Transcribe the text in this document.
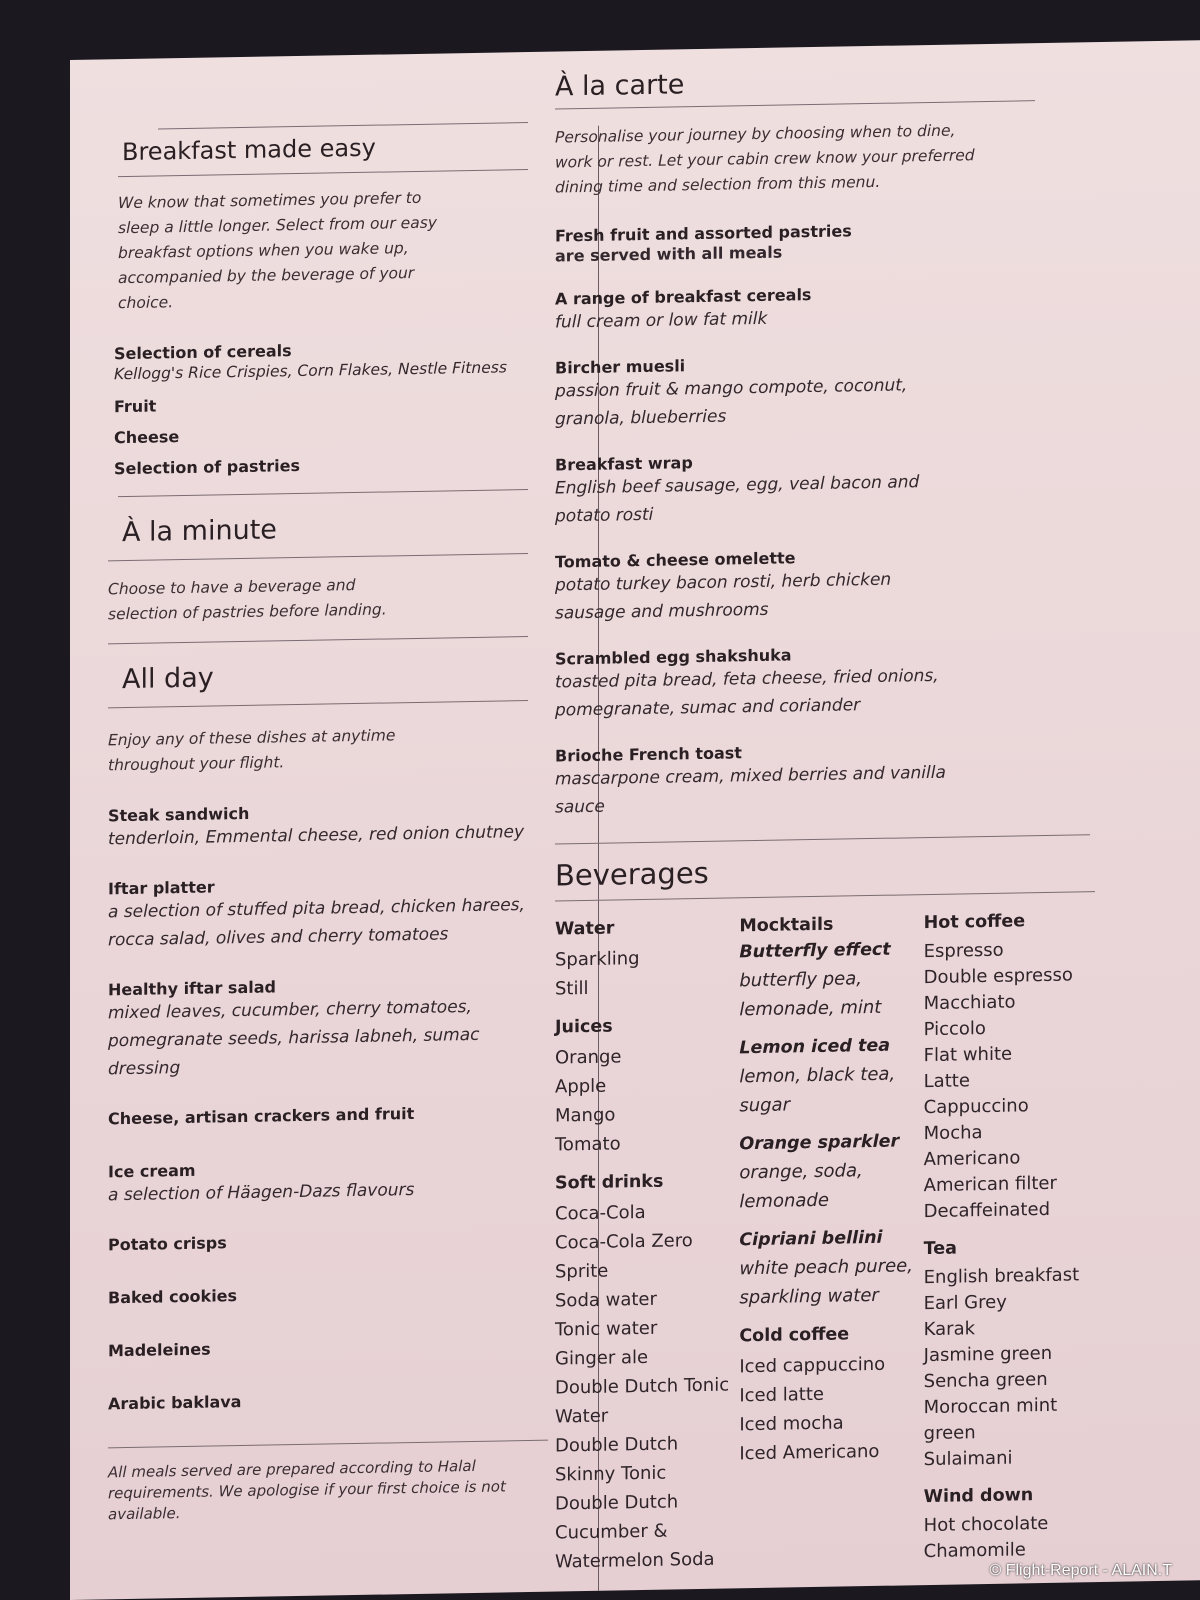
Breakfast made easy
We know that sometimes you prefer to sleep a little longer. Select from our easy breakfast options when you wake up, accompanied by the beverage of your choice.
Selection of cereals
Kellogg's Rice Crispies, Corn Flakes, Nestle Fitness
Fruit
Cheese
Selection of pastries
À la minute
Choose to have a beverage and selection of pastries before landing.
All day
Enjoy any of these dishes at anytime throughout your flight.
Steak sandwich
tenderloin, Emmental cheese, red onion chutney
Iftar platter
a selection of stuffed pita bread, chicken harees, rocca salad, olives and cherry tomatoes
Healthy iftar salad
mixed leaves, cucumber, cherry tomatoes, pomegranate seeds, harissa labneh, sumac dressing
Cheese, artisan crackers and fruit
Ice cream
a selection of Häagen-Dazs flavours
Potato crisps
Baked cookies
Madeleines
Arabic baklava
All meals served are prepared according to Halal requirements. We apologise if your first choice is not available.
À la carte
Personalise your journey by choosing when to dine, work or rest. Let your cabin crew know your preferred dining time and selection from this menu.
Fresh fruit and assorted pastries
are served with all meals
A range of breakfast cereals
full cream or low fat milk
Bircher muesli
passion fruit & mango compote, coconut, granola, blueberries
Breakfast wrap
English beef sausage, egg, veal bacon and potato rosti
Tomato & cheese omelette
potato turkey bacon rosti, herb chicken sausage and mushrooms
Scrambled egg shakshuka
toasted pita bread, feta cheese, fried onions, pomegranate, sumac and coriander
Brioche French toast
mascarpone cream, mixed berries and vanilla sauce
Beverages
Water
Sparkling
Still
Juices
Orange
Apple
Mango
Tomato
Soft drinks
Coca-Cola
Coca-Cola Zero
Sprite
Soda water
Tonic water
Ginger ale
Double Dutch Tonic Water
Double Dutch Skinny Tonic
Double Dutch Cucumber & Watermelon Soda
Mocktails
Butterfly effect
butterfly pea,
lemonade, mint
Lemon iced tea
lemon, black tea,
sugar
Orange sparkler
orange, soda,
lemonade
Cipriani bellini
white peach puree,
sparkling water
Cold coffee
Iced cappuccino
Iced latte
Iced mocha
Iced Americano
Hot coffee
Espresso
Double espresso
Macchiato
Piccolo
Flat white
Latte
Cappuccino
Mocha
Americano
American filter
Decaffeinated
Tea
English breakfast
Earl Grey
Karak
Jasmine green
Sencha green
Moroccan mint green
Sulaimani
Wind down
Hot chocolate
Chamomile
© Flight-Report - ALAIN.T
